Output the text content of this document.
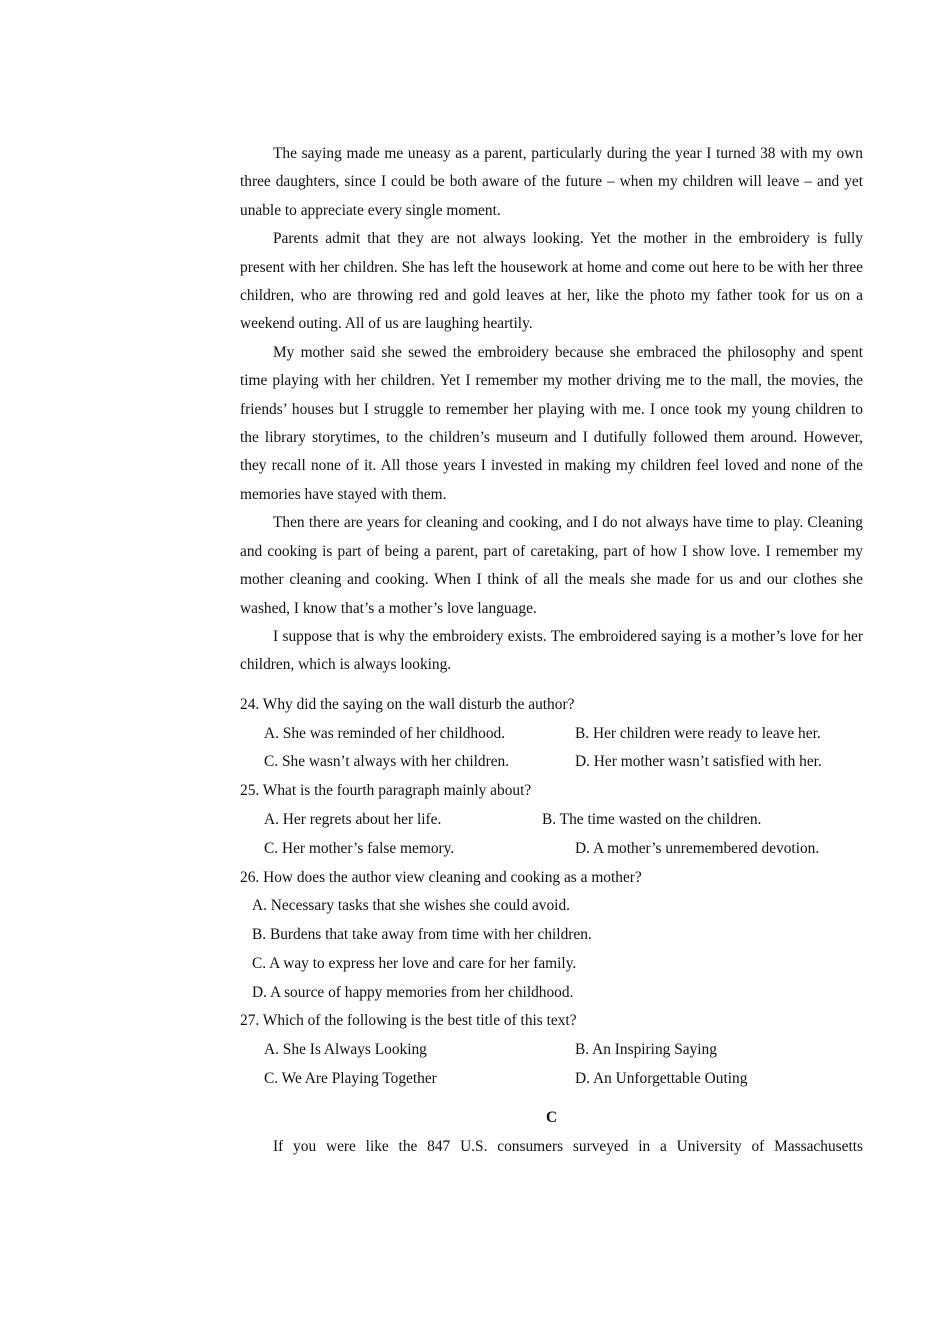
The saying made me uneasy as a parent, particularly during the year I turned 38 with my own three daughters, since I could be both aware of the future – when my children will leave – and yet unable to appreciate every single moment.

Parents admit that they are not always looking. Yet the mother in the embroidery is fully present with her children. She has left the housework at home and come out here to be with her three children, who are throwing red and gold leaves at her, like the photo my father took for us on a weekend outing. All of us are laughing heartily.

My mother said she sewed the embroidery because she embraced the philosophy and spent time playing with her children. Yet I remember my mother driving me to the mall, the movies, the friends’ houses but I struggle to remember her playing with me. I once took my young children to the library storytimes, to the children’s museum and I dutifully followed them around. However, they recall none of it. All those years I invested in making my children feel loved and none of the memories have stayed with them.

Then there are years for cleaning and cooking, and I do not always have time to play. Cleaning and cooking is part of being a parent, part of caretaking, part of how I show love. I remember my mother cleaning and cooking. When I think of all the meals she made for us and our clothes she washed, I know that’s a mother’s love language.

I suppose that is why the embroidery exists. The embroidered saying is a mother’s love for her children, which is always looking.

24. Why did the saying on the wall disturb the author?
A. She was reminded of her childhood.	B. Her children were ready to leave her.
C. She wasn’t always with her children.	D. Her mother wasn’t satisfied with her.
25. What is the fourth paragraph mainly about?
A. Her regrets about her life.	B. The time wasted on the children.
C. Her mother’s false memory.	D. A mother’s unremembered devotion.
26. How does the author view cleaning and cooking as a mother?
A. Necessary tasks that she wishes she could avoid.
B. Burdens that take away from time with her children.
C. A way to express her love and care for her family.
D. A source of happy memories from her childhood.
27. Which of the following is the best title of this text?
A. She Is Always Looking	B. An Inspiring Saying
C. We Are Playing Together	D. An Unforgettable Outing
C

If you were like the 847 U.S. consumers surveyed in a University of Massachusetts
